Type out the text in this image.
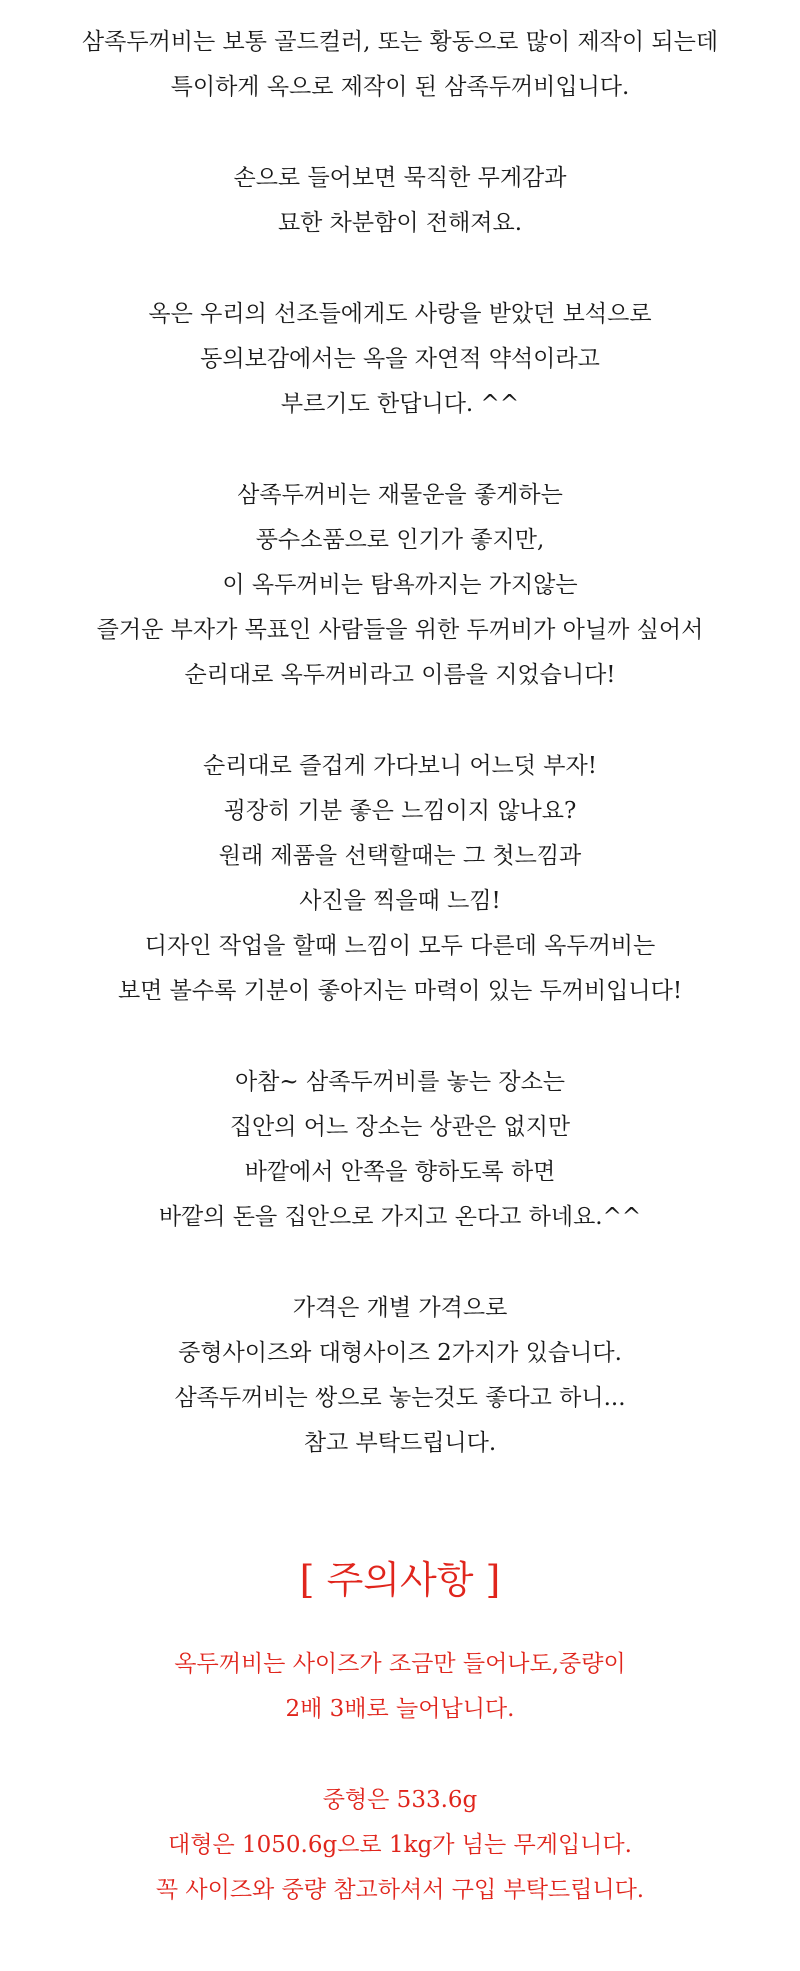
삼족두꺼비는 보통 골드컬러, 또는 황동으로 많이 제작이 되는데
특이하게 옥으로 제작이 된 삼족두꺼비입니다.

손으로 들어보면 묵직한 무게감과
묘한 차분함이 전해져요.

옥은 우리의 선조들에게도 사랑을 받았던 보석으로
동의보감에서는 옥을 자연적 약석이라고
부르기도 한답니다. ^^

삼족두꺼비는 재물운을 좋게하는
풍수소품으로 인기가 좋지만,
이 옥두꺼비는 탐욕까지는 가지않는
즐거운 부자가 목표인 사람들을 위한 두꺼비가 아닐까 싶어서
순리대로 옥두꺼비라고 이름을 지었습니다!

순리대로 즐겁게 가다보니 어느덧 부자!
굉장히 기분 좋은 느낌이지 않나요?
원래 제품을 선택할때는 그 첫느낌과
사진을 찍을때 느낌!
디자인 작업을 할때 느낌이 모두 다른데 옥두꺼비는
보면 볼수록 기분이 좋아지는 마력이 있는 두꺼비입니다!

아참~ 삼족두꺼비를 놓는 장소는
집안의 어느 장소는 상관은 없지만
바깥에서 안쪽을 향하도록 하면
바깥의 돈을 집안으로 가지고 온다고 하네요.^^

가격은 개별 가격으로
중형사이즈와 대형사이즈 2가지가 있습니다.
삼족두꺼비는 쌍으로 놓는것도 좋다고 하니...
참고 부탁드립니다.

[ 주의사항 ]

옥두꺼비는 사이즈가 조금만 들어나도,중량이
2배 3배로 늘어납니다.

중형은 533.6g
대형은 1050.6g으로 1kg가 넘는 무게입니다.
꼭 사이즈와 중량 참고하셔서 구입 부탁드립니다.
